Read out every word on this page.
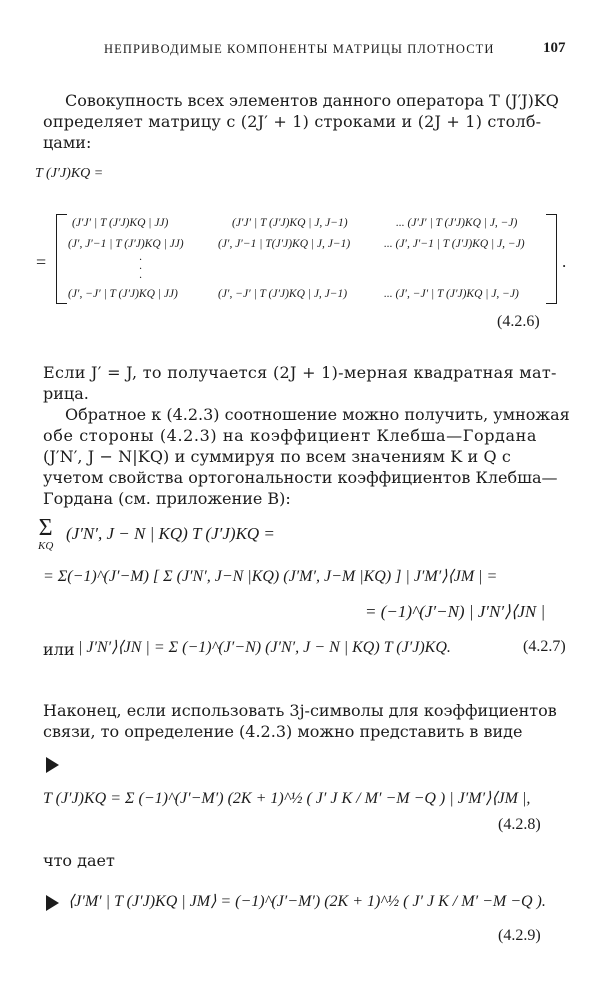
НЕПРИВОДИМЫЕ КОМПОНЕНТЫ МАТРИЦЫ ПЛОТНОСТИ	107
Совокупность всех элементов данного оператора T (J′J)KQ
определяет матрицу с (2J′ + 1) строками и (2J + 1) столб-
цами:
T (J′J)KQ =
=	.
(J′J′ | T (J′J)KQ | JJ)	(J′J′ | T (J′J)KQ | J, J−1)	... (J′J′ | T (J′J)KQ | J, −J)
(J′, J′−1 | T (J′J)KQ | JJ)	(J′, J′−1 | T(J′J)KQ | J, J−1)	... (J′, J′−1 | T (J′J)KQ | J, −J)
·
·
·
(J′, −J′ | T (J′J)KQ | JJ)	(J′, −J′ | T (J′J)KQ | J, J−1)	... (J′, −J′ | T (J′J)KQ | J, −J)
(4.2.6)
Если J′ = J, то получается (2J + 1)-мерная квадратная мат-
рица.
Обратное к (4.2.3) соотношение можно получить, умножая
обе стороны (4.2.3) на коэффициент Клебша—Гордана
(J′N′, J − N|KQ) и суммируя по всем значениям K и Q с
учетом свойства ортогональности коэффициентов Клебша—
Гордана (см. приложение В):
Σ
KQ
(J′N′, J − N | KQ) T (J′J)KQ =
= Σ(−1)^(J′−M) [ Σ (J′N′, J−N |KQ) (J′M′, J−M |KQ) ] | J′M′⟩⟨JM | =
= (−1)^(J′−N) | J′N′⟩⟨JN |
или | J′N′⟩⟨JN | = Σ (−1)^(J′−N) (J′N′, J − N | KQ) T (J′J)KQ.	(4.2.7)
Наконец, если использовать 3j-символы для коэффициентов
связи, то определение (4.2.3) можно представить в виде
T (J′J)KQ = Σ (−1)^(J′−M′) (2K + 1)^½ ( J′ J K / M′ −M −Q ) | J′M′⟩⟨JM |,
(4.2.8)
что дает
⟨J′M′ | T (J′J)KQ | JM⟩ = (−1)^(J′−M′) (2K + 1)^½ ( J′ J K / M′ −M −Q ).
(4.2.9)
